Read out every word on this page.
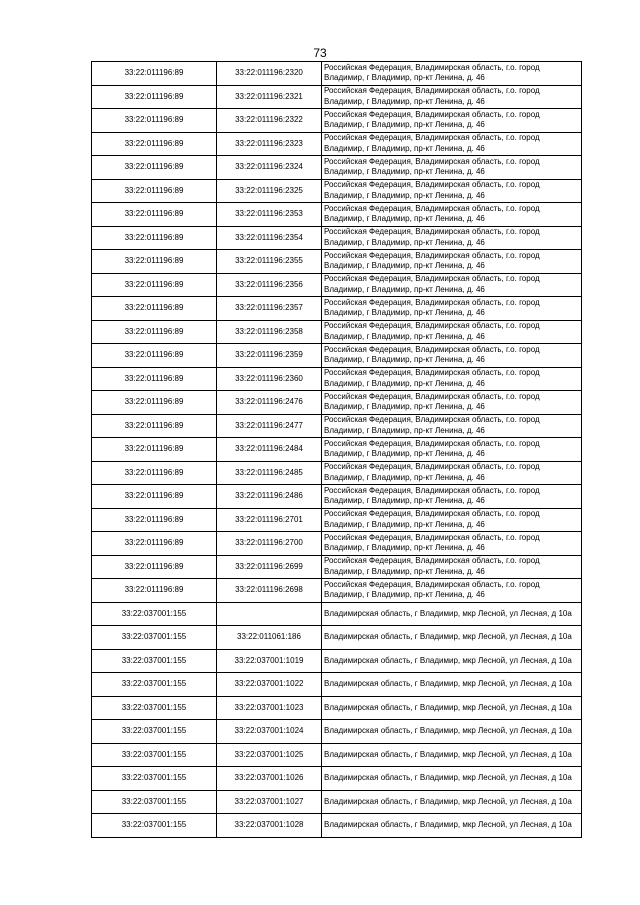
73
33:22:011196:89	33:22:011196:2320	Российская Федерация, Владимирская область, г.о. город Владимир, г Владимир, пр-кт Ленина, д. 46
33:22:011196:89	33:22:011196:2321	Российская Федерация, Владимирская область, г.о. город Владимир, г Владимир, пр-кт Ленина, д. 46
33:22:011196:89	33:22:011196:2322	Российская Федерация, Владимирская область, г.о. город Владимир, г Владимир, пр-кт Ленина, д. 46
33:22:011196:89	33:22:011196:2323	Российская Федерация, Владимирская область, г.о. город Владимир, г Владимир, пр-кт Ленина, д. 46
33:22:011196:89	33:22:011196:2324	Российская Федерация, Владимирская область, г.о. город Владимир, г Владимир, пр-кт Ленина, д. 46
33:22:011196:89	33:22:011196:2325	Российская Федерация, Владимирская область, г.о. город Владимир, г Владимир, пр-кт Ленина, д. 46
33:22:011196:89	33:22:011196:2353	Российская Федерация, Владимирская область, г.о. город Владимир, г Владимир, пр-кт Ленина, д. 46
33:22:011196:89	33:22:011196:2354	Российская Федерация, Владимирская область, г.о. город Владимир, г Владимир, пр-кт Ленина, д. 46
33:22:011196:89	33:22:011196:2355	Российская Федерация, Владимирская область, г.о. город Владимир, г Владимир, пр-кт Ленина, д. 46
33:22:011196:89	33:22:011196:2356	Российская Федерация, Владимирская область, г.о. город Владимир, г Владимир, пр-кт Ленина, д. 46
33:22:011196:89	33:22:011196:2357	Российская Федерация, Владимирская область, г.о. город Владимир, г Владимир, пр-кт Ленина, д. 46
33:22:011196:89	33:22:011196:2358	Российская Федерация, Владимирская область, г.о. город Владимир, г Владимир, пр-кт Ленина, д. 46
33:22:011196:89	33:22:011196:2359	Российская Федерация, Владимирская область, г.о. город Владимир, г Владимир, пр-кт Ленина, д. 46
33:22:011196:89	33:22:011196:2360	Российская Федерация, Владимирская область, г.о. город Владимир, г Владимир, пр-кт Ленина, д. 46
33:22:011196:89	33:22:011196:2476	Российская Федерация, Владимирская область, г.о. город Владимир, г Владимир, пр-кт Ленина, д. 46
33:22:011196:89	33:22:011196:2477	Российская Федерация, Владимирская область, г.о. город Владимир, г Владимир, пр-кт Ленина, д. 46
33:22:011196:89	33:22:011196:2484	Российская Федерация, Владимирская область, г.о. город Владимир, г Владимир, пр-кт Ленина, д. 46
33:22:011196:89	33:22:011196:2485	Российская Федерация, Владимирская область, г.о. город Владимир, г Владимир, пр-кт Ленина, д. 46
33:22:011196:89	33:22:011196:2486	Российская Федерация, Владимирская область, г.о. город Владимир, г Владимир, пр-кт Ленина, д. 46
33:22:011196:89	33:22:011196:2701	Российская Федерация, Владимирская область, г.о. город Владимир, г Владимир, пр-кт Ленина, д. 46
33:22:011196:89	33:22:011196:2700	Российская Федерация, Владимирская область, г.о. город Владимир, г Владимир, пр-кт Ленина, д. 46
33:22:011196:89	33:22:011196:2699	Российская Федерация, Владимирская область, г.о. город Владимир, г Владимир, пр-кт Ленина, д. 46
33:22:011196:89	33:22:011196:2698	Российская Федерация, Владимирская область, г.о. город Владимир, г Владимир, пр-кт Ленина, д. 46
33:22:037001:155		Владимирская область, г Владимир, мкр Лесной, ул Лесная, д 10а
33:22:037001:155	33:22:011061:186	Владимирская область, г Владимир, мкр Лесной, ул Лесная, д 10а
33:22:037001:155	33:22:037001:1019	Владимирская область, г Владимир, мкр Лесной, ул Лесная, д 10а
33:22:037001:155	33:22:037001:1022	Владимирская область, г Владимир, мкр Лесной, ул Лесная, д 10а
33:22:037001:155	33:22:037001:1023	Владимирская область, г Владимир, мкр Лесной, ул Лесная, д 10а
33:22:037001:155	33:22:037001:1024	Владимирская область, г Владимир, мкр Лесной, ул Лесная, д 10а
33:22:037001:155	33:22:037001:1025	Владимирская область, г Владимир, мкр Лесной, ул Лесная, д 10а
33:22:037001:155	33:22:037001:1026	Владимирская область, г Владимир, мкр Лесной, ул Лесная, д 10а
33:22:037001:155	33:22:037001:1027	Владимирская область, г Владимир, мкр Лесной, ул Лесная, д 10а
33:22:037001:155	33:22:037001:1028	Владимирская область, г Владимир, мкр Лесной, ул Лесная, д 10а
